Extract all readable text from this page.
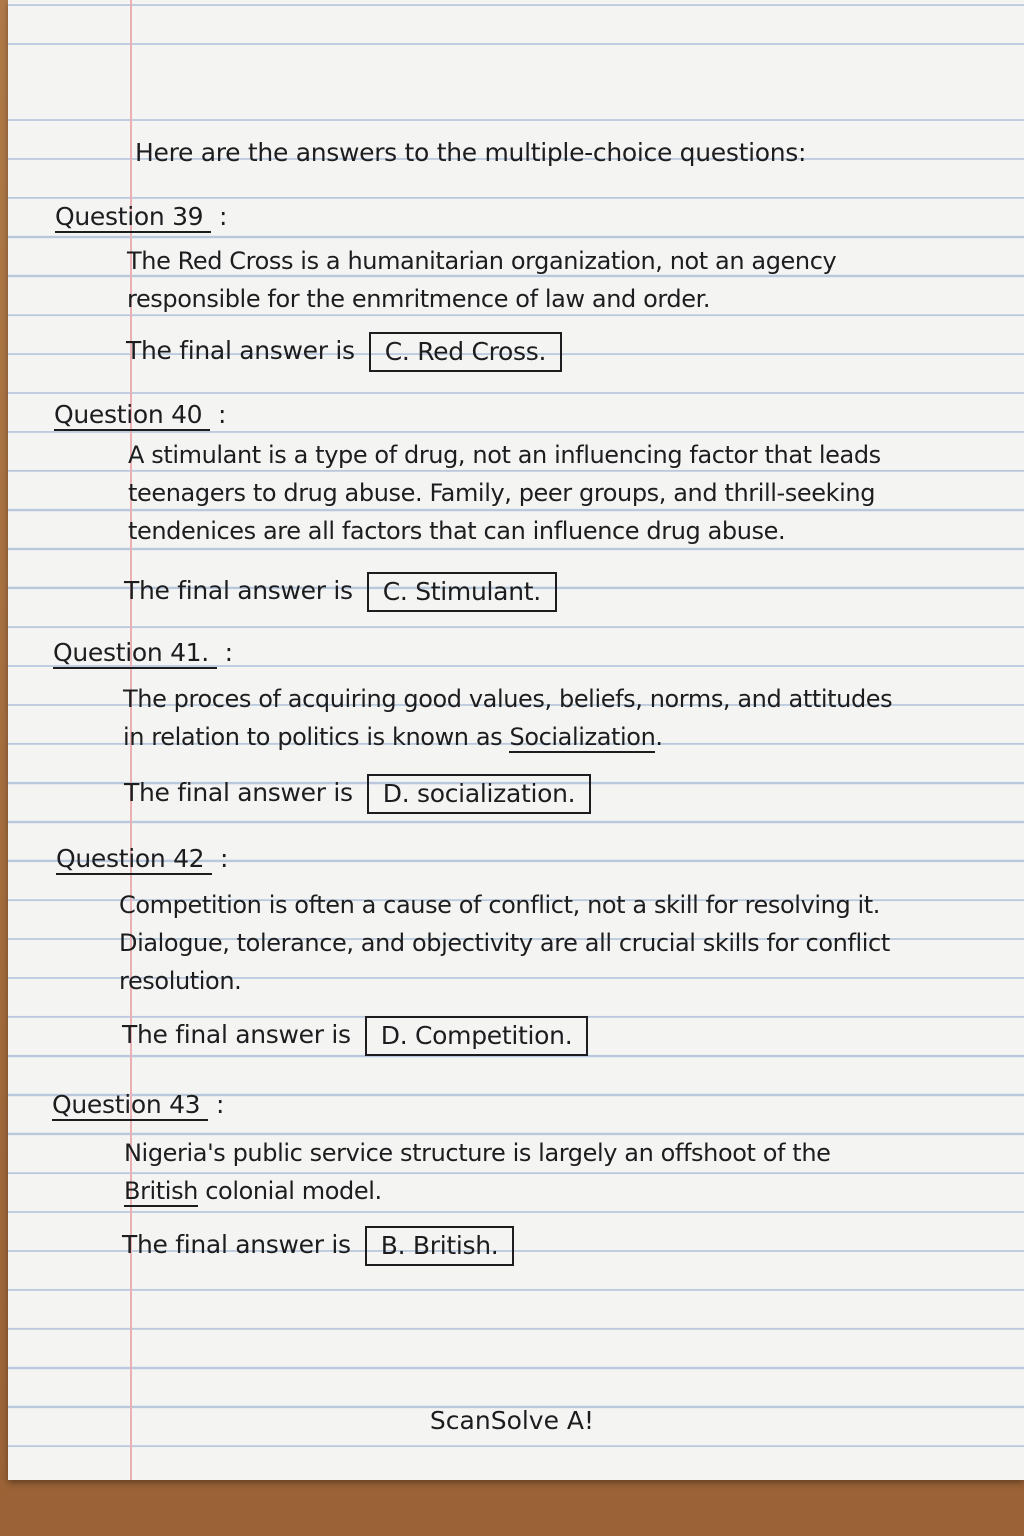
Here are the answers to the multiple-choice questions:
Question 39 :
The Red Cross is a humanitarian organization, not an agency
responsible for the enmritmence of law and order.
The final answer is C. Red Cross.
Question 40 :
A stimulant is a type of drug, not an influencing factor that leads
teenagers to drug abuse. Family, peer groups, and thrill-seeking
tendenices are all factors that can influence drug abuse.
The final answer is C. Stimulant.
Question 41. :
The proces of acquiring good values, beliefs, norms, and attitudes
in relation to politics is known as Socialization.
The final answer is D. socialization.
Question 42 :
Competition is often a cause of conflict, not a skill for resolving it.
Dialogue, tolerance, and objectivity are all crucial skills for conflict
resolution.
The final answer is D. Competition.
Question 43 :
Nigeria's public service structure is largely an offshoot of the
British colonial model.
The final answer is B. British.
ScanSolve A!
